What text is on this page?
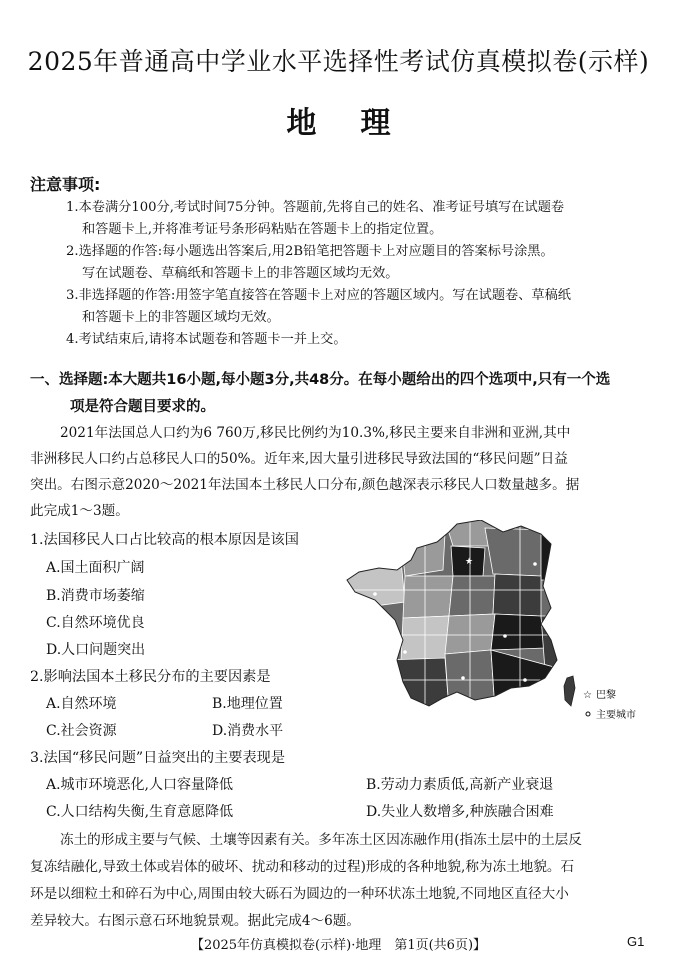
2025年普通高中学业水平选择性考试仿真模拟卷(示样)
地理
注意事项:
1.本卷满分100分,考试时间75分钟。答题前,先将自己的姓名、准考证号填写在试题卷
和答题卡上,并将准考证号条形码粘贴在答题卡上的指定位置。
2.选择题的作答:每小题选出答案后,用2B铅笔把答题卡上对应题目的答案标号涂黑。
写在试题卷、草稿纸和答题卡上的非答题区域均无效。
3.非选择题的作答:用签字笔直接答在答题卡上对应的答题区域内。写在试题卷、草稿纸
和答题卡上的非答题区域均无效。
4.考试结束后,请将本试题卷和答题卡一并上交。
一、选择题:本大题共16小题,每小题3分,共48分。在每小题给出的四个选项中,只有一个选
项是符合题目要求的。
2021年法国总人口约为6 760万,移民比例约为10.3%,移民主要来自非洲和亚洲,其中
非洲移民人口约占总移民人口的50%。近年来,因大量引进移民导致法国的“移民问题”日益
突出。右图示意2020～2021年法国本土移民人口分布,颜色越深表示移民人口数量越多。据
此完成1～3题。
1.法国移民人口占比较高的根本原因是该国
A.国土面积广阔
B.消费市场萎缩
C.自然环境优良
D.人口问题突出
2.影响法国本土移民分布的主要因素是
A.自然环境	B.地理位置
C.社会资源	D.消费水平
3.法国“移民问题”日益突出的主要表现是
A.城市环境恶化,人口容量降低	B.劳动力素质低,高新产业衰退
C.人口结构失衡,生育意愿降低	D.失业人数增多,种族融合困难
冻土的形成主要与气候、土壤等因素有关。多年冻土区因冻融作用(指冻土层中的土层反
复冻结融化,导致土体或岩体的破坏、扰动和移动的过程)形成的各种地貌,称为冻土地貌。石
环是以细粒土和碎石为中心,周围由较大砾石为圆边的一种环状冻土地貌,不同地区直径大小
差异较大。右图示意石环地貌景观。据此完成4～6题。
★
☆ 巴黎
主要城市
【2025年仿真模拟卷(示样)·地理　第1页(共6页)】	G1
